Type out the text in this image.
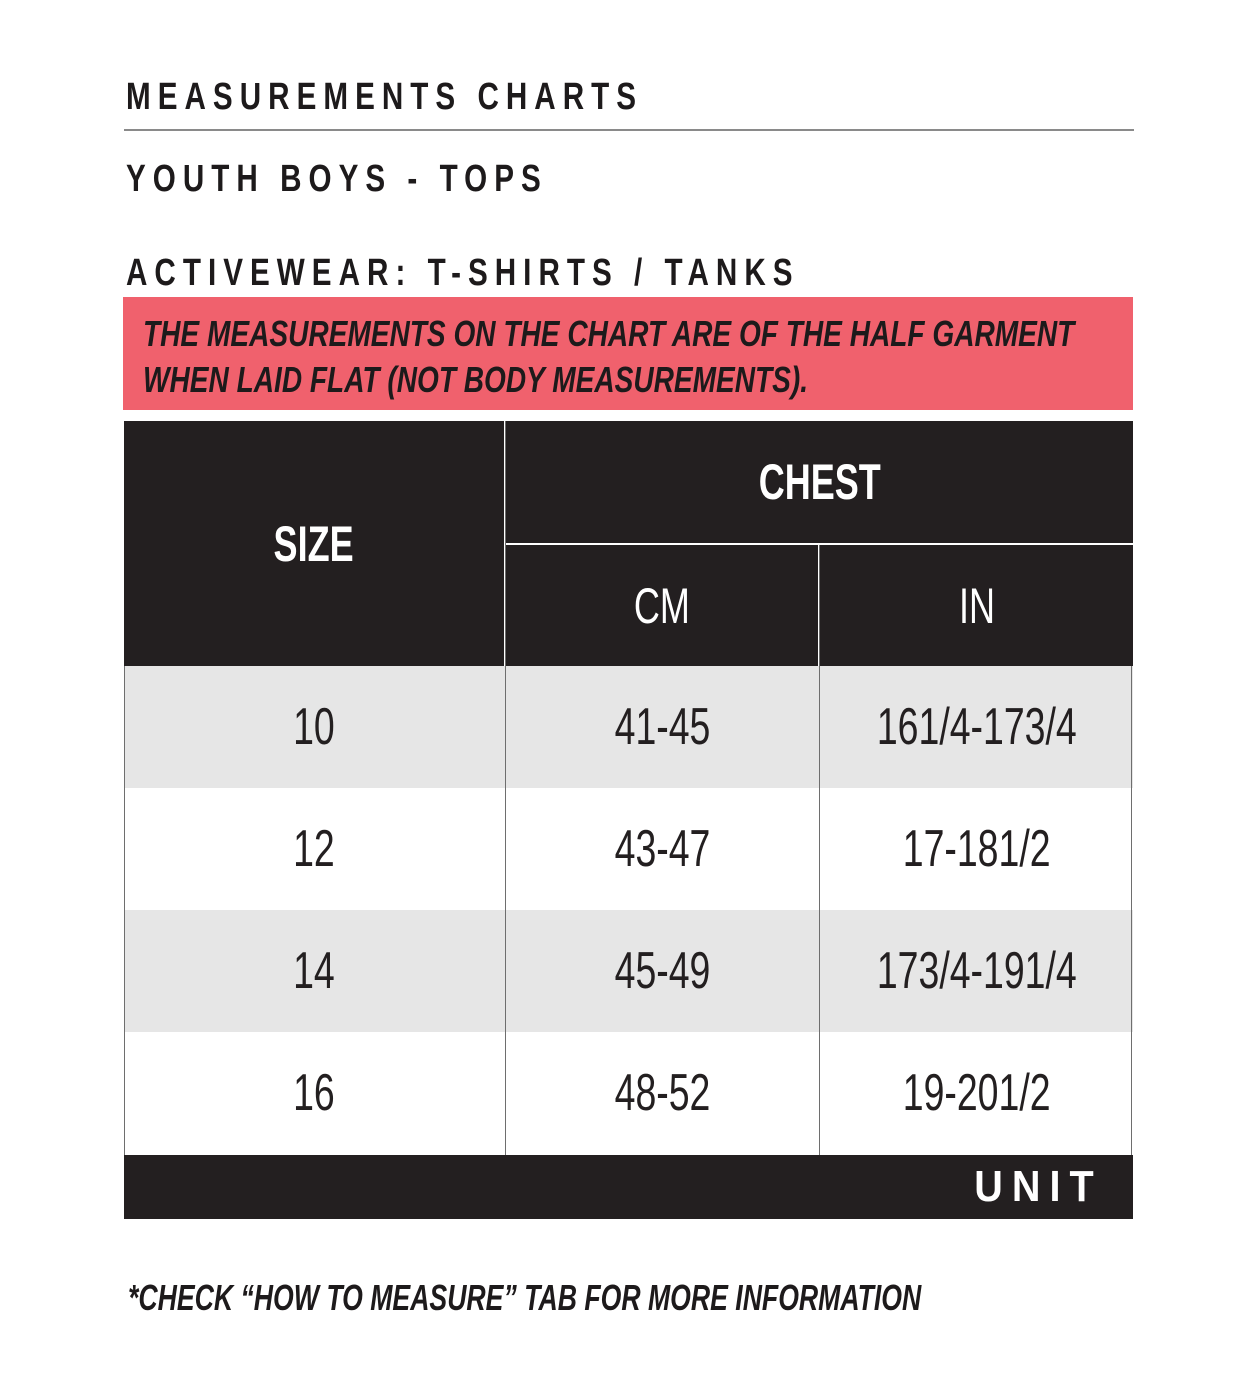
MEASUREMENTS CHARTS
YOUTH BOYS - TOPS
ACTIVEWEAR: T-SHIRTS / TANKS
THE MEASUREMENTS ON THE CHART ARE OF THE HALF GARMENT WHEN LAID FLAT (NOT BODY MEASUREMENTS).
SIZE
CHEST
CM	IN
10	41-45	161/4-173/4
12	43-47	17-181/2
14	45-49	173/4-191/4
16	48-52	19-201/2
UNIT
*CHECK “HOW TO MEASURE” TAB FOR MORE INFORMATION
